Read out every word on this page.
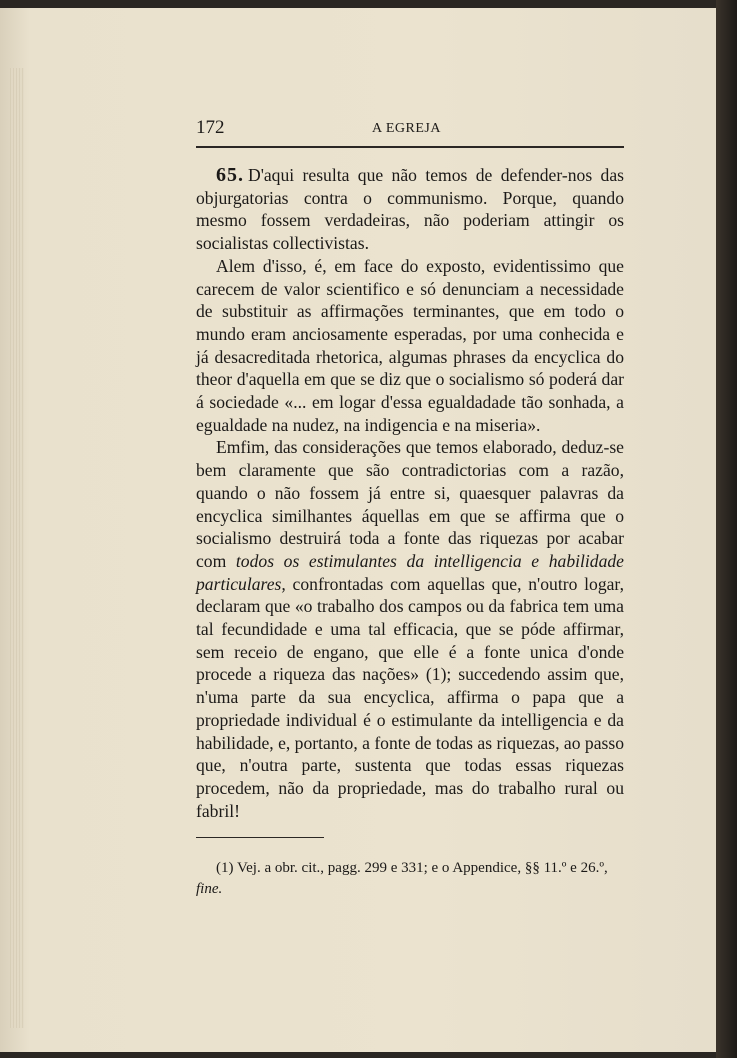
172	A EGREJA

65. D'aqui resulta que não temos de defender-nos das objurgatorias contra o communismo. Porque, quando mesmo fossem verdadeiras, não poderiam attingir os socialistas collectivistas.

Alem d'isso, é, em face do exposto, evidentissimo que carecem de valor scientifico e só denunciam a necessidade de substituir as affirmações terminantes, que em todo o mundo eram anciosamente esperadas, por uma conhecida e já desacreditada rhetorica, algumas phrases da encyclica do theor d'aquella em que se diz que o socialismo só poderá dar á sociedade «... em logar d'essa egualdadade tão sonhada, a egualdade na nudez, na indigencia e na miseria».

Emfim, das considerações que temos elaborado, deduz-se bem claramente que são contradictorias com a razão, quando o não fossem já entre si, quaesquer palavras da encyclica similhantes áquellas em que se affirma que o socialismo destruirá toda a fonte das riquezas por acabar com todos os estimulantes da intelligencia e habilidade particulares, confrontadas com aquellas que, n'outro logar, declaram que «o trabalho dos campos ou da fabrica tem uma tal fecundidade e uma tal efficacia, que se póde affirmar, sem receio de engano, que elle é a fonte unica d'onde procede a riqueza das nações» (1); succedendo assim que, n'uma parte da sua encyclica, affirma o papa que a propriedade individual é o estimulante da intelligencia e da habilidade, e, portanto, a fonte de todas as riquezas, ao passo que, n'outra parte, sustenta que todas essas riquezas procedem, não da propriedade, mas do trabalho rural ou fabril!

(1) Vej. a obr. cit., pagg. 299 e 331; e o Appendice, §§ 11.º e 26.º, fine.
